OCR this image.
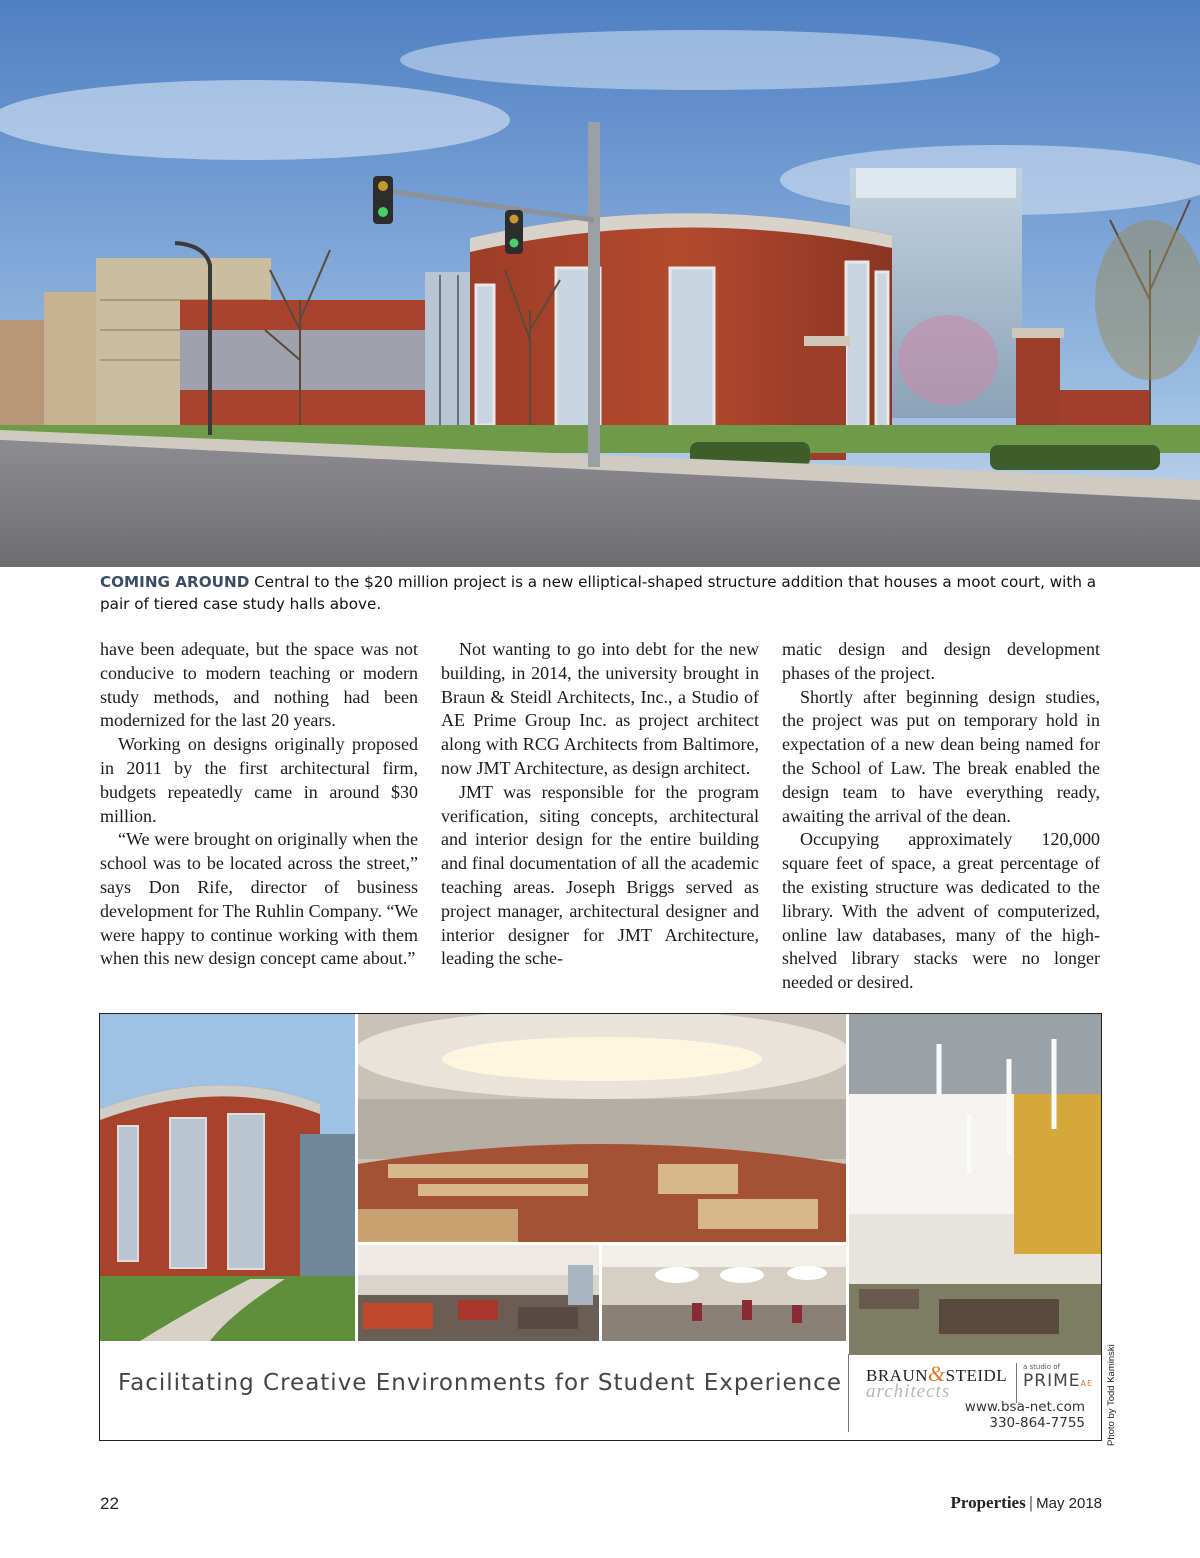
COMING AROUND Central to the $20 million project is a new elliptical-shaped structure addition that houses a moot court, with a pair of tiered case study halls above.

have been adequate, but the space was not conducive to modern teaching or modern study methods, and nothing had been modernized for the last 20 years.

Working on designs originally proposed in 2011 by the first architectural firm, budgets repeatedly came in around $30 million.

“We were brought on originally when the school was to be located across the street,” says Don Rife, director of business development for The Ruhlin Company. “We were happy to continue working with them when this new design concept came about.”

Not wanting to go into debt for the new building, in 2014, the university brought in Braun & Steidl Architects, Inc., a Studio of AE Prime Group Inc. as project architect along with RCG Architects from Baltimore, now JMT Architecture, as design architect.

JMT was responsible for the program verification, siting concepts, architectural and interior design for the entire building and final documentation of all the academic teaching areas. Joseph Briggs served as project manager, architectural designer and interior designer for JMT Architecture, leading the sche-

matic design and design development phases of the project.

Shortly after beginning design studies, the project was put on temporary hold in expectation of a new dean being named for the School of Law. The break enabled the design team to have everything ready, awaiting the arrival of the dean.

Occupying approximately 120,000 square feet of space, a great percentage of the existing structure was dedicated to the library. With the advent of computerized, online law databases, many of the high-shelved library stacks were no longer needed or desired.

Facilitating Creative Environments for Student Experience BRAUN&STEIDL
architects
a studio of
PRIMEAE
www.bsa-net.com
330-864-7755 Photo by Todd Kaminski
22	Properties | May 2018
